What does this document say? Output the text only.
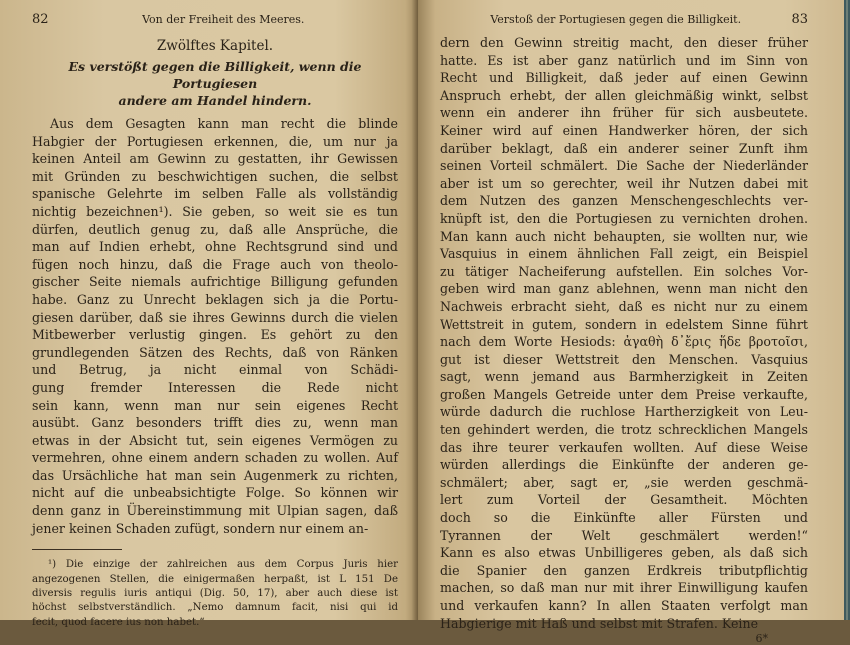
82	Von der Freiheit des Meeres.
Zwölftes Kapitel.
Es verstößt gegen die Billigkeit, wenn die Portugiesen
andere am Handel hindern.
Aus dem Gesagten kann man recht die blinde
Habgier der Portugiesen erkennen, die, um nur ja
keinen Anteil am Gewinn zu gestatten, ihr Gewissen
mit Gründen zu beschwichtigen suchen, die selbst
spanische Gelehrte im selben Falle als vollständig
nichtig bezeichnen¹). Sie geben, so weit sie es tun
dürfen, deutlich genug zu, daß alle Ansprüche, die
man auf Indien erhebt, ohne Rechtsgrund sind und
fügen noch hinzu, daß die Frage auch von theolo-
gischer Seite niemals aufrichtige Billigung gefunden
habe. Ganz zu Unrecht beklagen sich ja die Portu-
giesen darüber, daß sie ihres Gewinns durch die vielen
Mitbewerber verlustig gingen. Es gehört zu den
grundlegenden Sätzen des Rechts, daß von Ränken
und Betrug, ja nicht einmal von Schädi-
gung fremder Interessen die Rede nicht
sein kann, wenn man nur sein eigenes Recht
ausübt. Ganz besonders trifft dies zu, wenn man
etwas in der Absicht tut, sein eigenes Vermögen zu
vermehren, ohne einem andern schaden zu wollen. Auf
das Ursächliche hat man sein Augenmerk zu richten,
nicht auf die unbeabsichtigte Folge. So können wir
denn ganz in Übereinstimmung mit Ulpian sagen, daß
jener keinen Schaden zufügt, sondern nur einem an-
¹) Die einzige der zahlreichen aus dem Corpus Juris hier
angezogenen Stellen, die einigermaßen herpaßt, ist L 151 De
diversis regulis iuris antiqui (Dig. 50, 17), aber auch diese ist
höchst selbstverständlich. „Nemo damnum facit, nisi qui id
fecit, quod facere ius non habet.“
Verstoß der Portugiesen gegen die Billigkeit.	83
dern den Gewinn streitig macht, den dieser früher
hatte. Es ist aber ganz natürlich und im Sinn von
Recht und Billigkeit, daß jeder auf einen Gewinn
Anspruch erhebt, der allen gleichmäßig winkt, selbst
wenn ein anderer ihn früher für sich ausbeutete.
Keiner wird auf einen Handwerker hören, der sich
darüber beklagt, daß ein anderer seiner Zunft ihm
seinen Vorteil schmälert. Die Sache der Niederländer
aber ist um so gerechter, weil ihr Nutzen dabei mit
dem Nutzen des ganzen Menschengeschlechts ver-
knüpft ist, den die Portugiesen zu vernichten drohen.
Man kann auch nicht behaupten, sie wollten nur, wie
Vasquius in einem ähnlichen Fall zeigt, ein Beispiel
zu tätiger Nacheiferung aufstellen. Ein solches Vor-
geben wird man ganz ablehnen, wenn man nicht den
Nachweis erbracht sieht, daß es nicht nur zu einem
Wettstreit in gutem, sondern in edelstem Sinne führt
nach dem Worte Hesiods: ἀγαθὴ δ᾽ἔρις ἥδε βροτοῖσι,
gut ist dieser Wettstreit den Menschen. Vasquius
sagt, wenn jemand aus Barmherzigkeit in Zeiten
großen Mangels Getreide unter dem Preise verkaufte,
würde dadurch die ruchlose Hartherzigkeit von Leu-
ten gehindert werden, die trotz schrecklichen Mangels
das ihre teurer verkaufen wollten. Auf diese Weise
würden allerdings die Einkünfte der anderen ge-
schmälert; aber, sagt er, „sie werden geschmä-
lert zum Vorteil der Gesamtheit. Möchten
doch so die Einkünfte aller Fürsten und
Tyrannen der Welt geschmälert werden!“
Kann es also etwas Unbilligeres geben, als daß sich
die Spanier den ganzen Erdkreis tributpflichtig
machen, so daß man nur mit ihrer Einwilligung kaufen
und verkaufen kann? In allen Staaten verfolgt man
Habgierige mit Haß und selbst mit Strafen. Keine
6*
